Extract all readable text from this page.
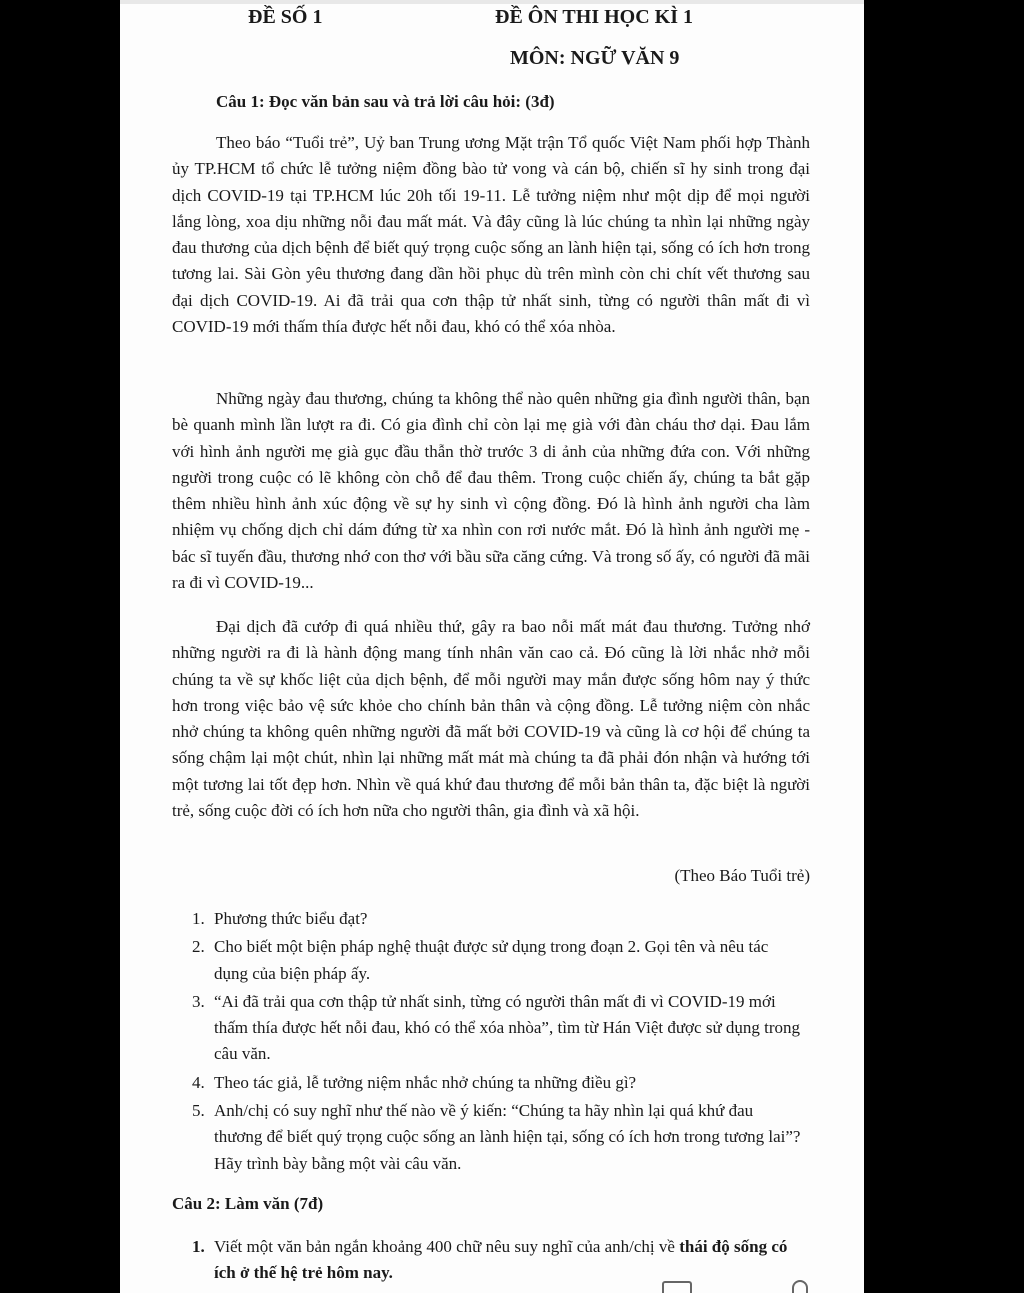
ĐỀ SỐ 1	ĐỀ ÔN THI HỌC KÌ 1
MÔN: NGỮ VĂN 9
Câu 1: Đọc văn bản sau và trả lời câu hỏi: (3đ)

Theo báo “Tuổi trẻ”, Uỷ ban Trung ương Mặt trận Tổ quốc Việt Nam phối hợp Thành ủy TP.HCM tổ chức lễ tưởng niệm đồng bào tử vong và cán bộ, chiến sĩ hy sinh trong đại dịch COVID-19 tại TP.HCM lúc 20h tối 19-11. Lễ tưởng niệm như một dịp để mọi người lắng lòng, xoa dịu những nỗi đau mất mát. Và đây cũng là lúc chúng ta nhìn lại những ngày đau thương của dịch bệnh để biết quý trọng cuộc sống an lành hiện tại, sống có ích hơn trong tương lai. Sài Gòn yêu thương đang dần hồi phục dù trên mình còn chi chít vết thương sau đại dịch COVID-19. Ai đã trải qua cơn thập tử nhất sinh, từng có người thân mất đi vì COVID-19 mới thấm thía được hết nỗi đau, khó có thể xóa nhòa.

Những ngày đau thương, chúng ta không thể nào quên những gia đình người thân, bạn bè quanh mình lần lượt ra đi. Có gia đình chỉ còn lại mẹ già với đàn cháu thơ dại. Đau lắm với hình ảnh người mẹ già gục đầu thẫn thờ trước 3 di ảnh của những đứa con. Với những người trong cuộc có lẽ không còn chỗ để đau thêm. Trong cuộc chiến ấy, chúng ta bắt gặp thêm nhiều hình ảnh xúc động về sự hy sinh vì cộng đồng. Đó là hình ảnh người cha làm nhiệm vụ chống dịch chỉ dám đứng từ xa nhìn con rơi nước mắt. Đó là hình ảnh người mẹ - bác sĩ tuyến đầu, thương nhớ con thơ với bầu sữa căng cứng. Và trong số ấy, có người đã mãi ra đi vì COVID-19...

Đại dịch đã cướp đi quá nhiều thứ, gây ra bao nỗi mất mát đau thương. Tưởng nhớ những người ra đi là hành động mang tính nhân văn cao cả. Đó cũng là lời nhắc nhở mỗi chúng ta về sự khốc liệt của dịch bệnh, để mỗi người may mắn được sống hôm nay ý thức hơn trong việc bảo vệ sức khỏe cho chính bản thân và cộng đồng. Lễ tưởng niệm còn nhắc nhở chúng ta không quên những người đã mất bởi COVID-19 và cũng là cơ hội để chúng ta sống chậm lại một chút, nhìn lại những mất mát mà chúng ta đã phải đón nhận và hướng tới một tương lai tốt đẹp hơn. Nhìn về quá khứ đau thương để mỗi bản thân ta, đặc biệt là người trẻ, sống cuộc đời có ích hơn nữa cho người thân, gia đình và xã hội.

(Theo Báo Tuổi trẻ)
1. Phương thức biểu đạt?
2. Cho biết một biện pháp nghệ thuật được sử dụng trong đoạn 2. Gọi tên và nêu tác dụng của biện pháp ấy.
3. “Ai đã trải qua cơn thập tử nhất sinh, từng có người thân mất đi vì COVID-19 mới thấm thía được hết nỗi đau, khó có thể xóa nhòa”, tìm từ Hán Việt được sử dụng trong câu văn.
4. Theo tác giả, lễ tưởng niệm nhắc nhở chúng ta những điều gì?
5. Anh/chị có suy nghĩ như thế nào về ý kiến: “Chúng ta hãy nhìn lại quá khứ đau thương để biết quý trọng cuộc sống an lành hiện tại, sống có ích hơn trong tương lai”? Hãy trình bày bằng một vài câu văn.
Câu 2: Làm văn (7đ)
1. Viết một văn bản ngắn khoảng 400 chữ nêu suy nghĩ của anh/chị về thái độ sống có ích ở thế hệ trẻ hôm nay.
